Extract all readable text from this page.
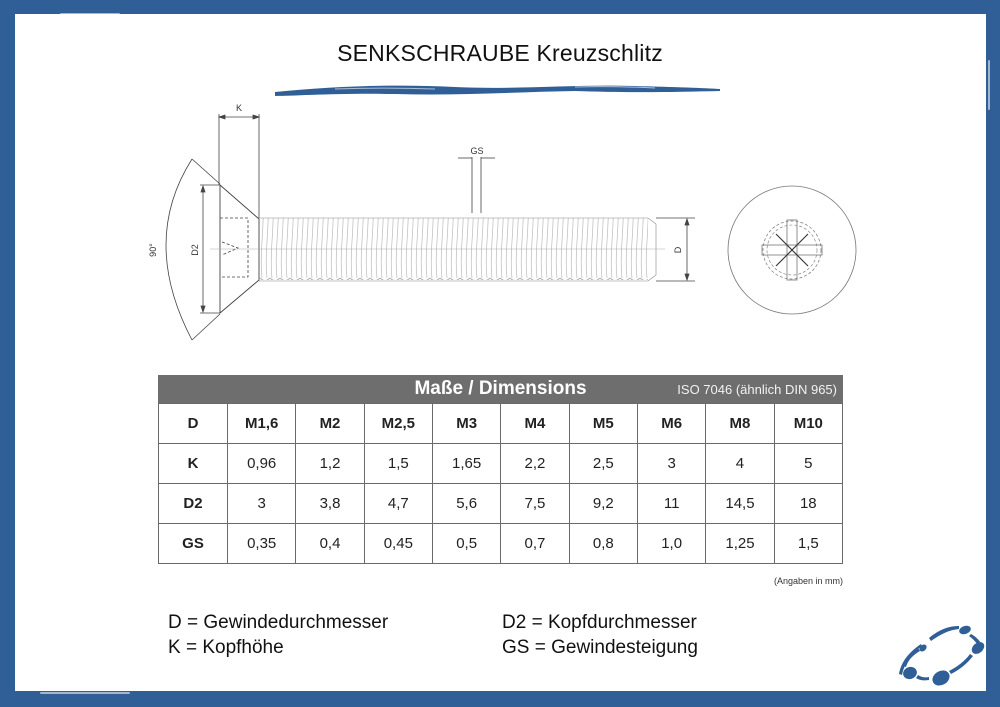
SENKSCHRAUBE Kreuzschlitz
K
90°	D2
GS
D
Maße / Dimensions	ISO 7046 (ähnlich DIN 965)
D	M1,6	M2	M2,5	M3	M4	M5	M6	M8	M10
K	0,96	1,2	1,5	1,65	2,2	2,5	3	4	5
D2	3	3,8	4,7	5,6	7,5	9,2	11	14,5	18
GS	0,35	0,4	0,45	0,5	0,7	0,8	1,0	1,25	1,5
(Angaben in mm)
D = Gewindedurchmesser
K = Kopfhöhe
D2 = Kopfdurchmesser
GS = Gewindesteigung
